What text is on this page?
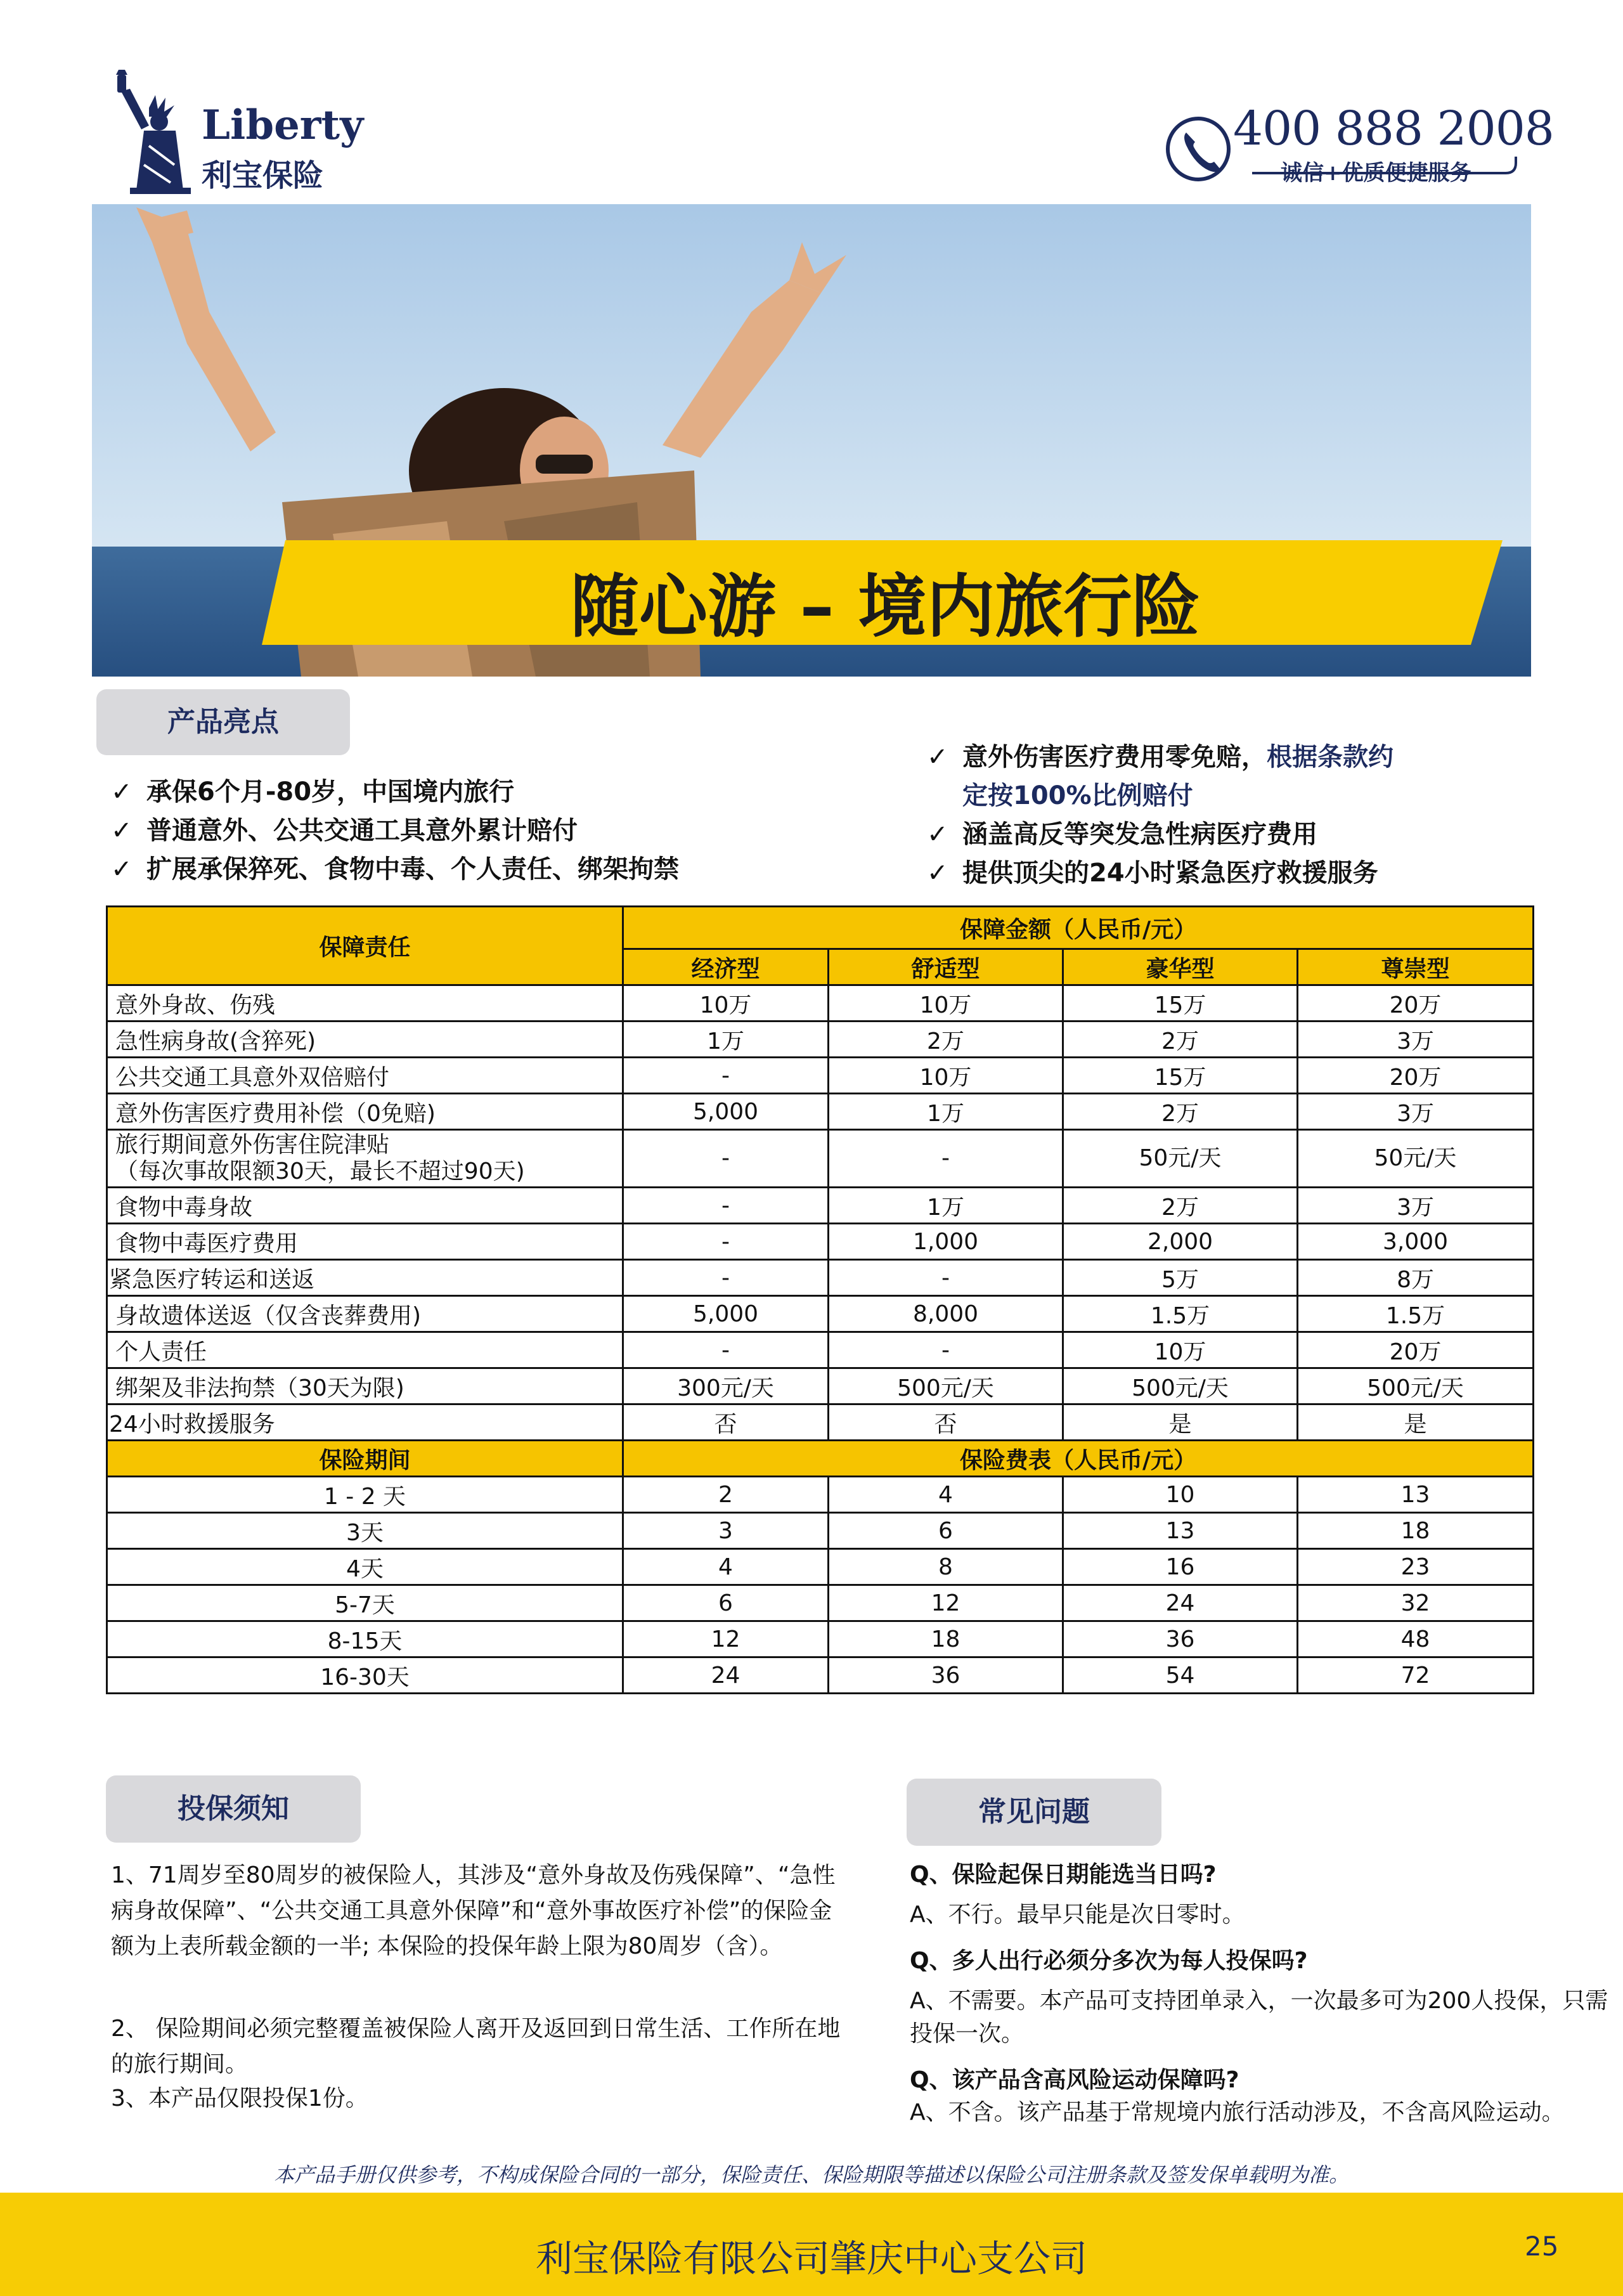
Liberty
利宝保险
400 888 2008
诚信+优质便捷服务
随心游 – 境内旅行险
产品亮点
✓ 承保6个月-80岁，中国境内旅行
✓ 普通意外、公共交通工具意外累计赔付
✓ 扩展承保猝死、食物中毒、个人责任、绑架拘禁
✓ 意外伤害医疗费用零免赔，根据条款约
定按100%比例赔付
✓ 涵盖高反等突发急性病医疗费用
✓ 提供顶尖的24小时紧急医疗救援服务
保障责任	保障金额（人民币/元）			
	经济型	舒适型	豪华型	尊崇型
意外身故、伤残	10万	10万	15万	20万
急性病身故(含猝死)	1万	2万	2万	3万
公共交通工具意外双倍赔付	-	10万	15万	20万
意外伤害医疗费用补偿（0免赔)	5,000	1万	2万	3万

旅行期间意外伤害住院津贴
（每次事故限额30天，最长不超过90天)	-	-	50元/天	50元/天
食物中毒身故	-	1万	2万	3万
食物中毒医疗费用	-	1,000	2,000	3,000
紧急医疗转运和送返	-	-	5万	8万
身故遗体送返（仅含丧葬费用)	5,000	8,000	1.5万	1.5万
个人责任	-	-	10万	20万
绑架及非法拘禁（30天为限)	300元/天	500元/天	500元/天	500元/天
24小时救援服务	否	否	是	是
保险期间	保险费表（人民币/元）			
1 - 2 天	2	4	10	13
3天	3	6	13	18
4天	4	8	16	23
5-7天	6	12	24	32
8-15天	12	18	36	48
16-30天	24	36	54	72
投保须知
1、71周岁至80周岁的被保险人，其涉及“意外身故及伤残保障”、“急性病身故保障”、“公共交通工具意外保障”和“意外事故医疗补偿”的保险金额为上表所载金额的一半; 本保险的投保年龄上限为80周岁（含）。
2、 保险期间必须完整覆盖被保险人离开及返回到日常生活、工作所在地的旅行期间。
3、本产品仅限投保1份。
常见问题
Q、保险起保日期能选当日吗?
A、不行。最早只能是次日零时。
Q、多人出行必须分多次为每人投保吗?
A、不需要。本产品可支持团单录入，一次最多可为200人投保，只需投保一次。
Q、该产品含高风险运动保障吗?
A、不含。该产品基于常规境内旅行活动涉及，不含高风险运动。
本产品手册仅供参考，不构成保险合同的一部分，保险责任、保险期限等描述以保险公司注册条款及签发保单载明为准。
利宝保险有限公司肇庆中心支公司	25
